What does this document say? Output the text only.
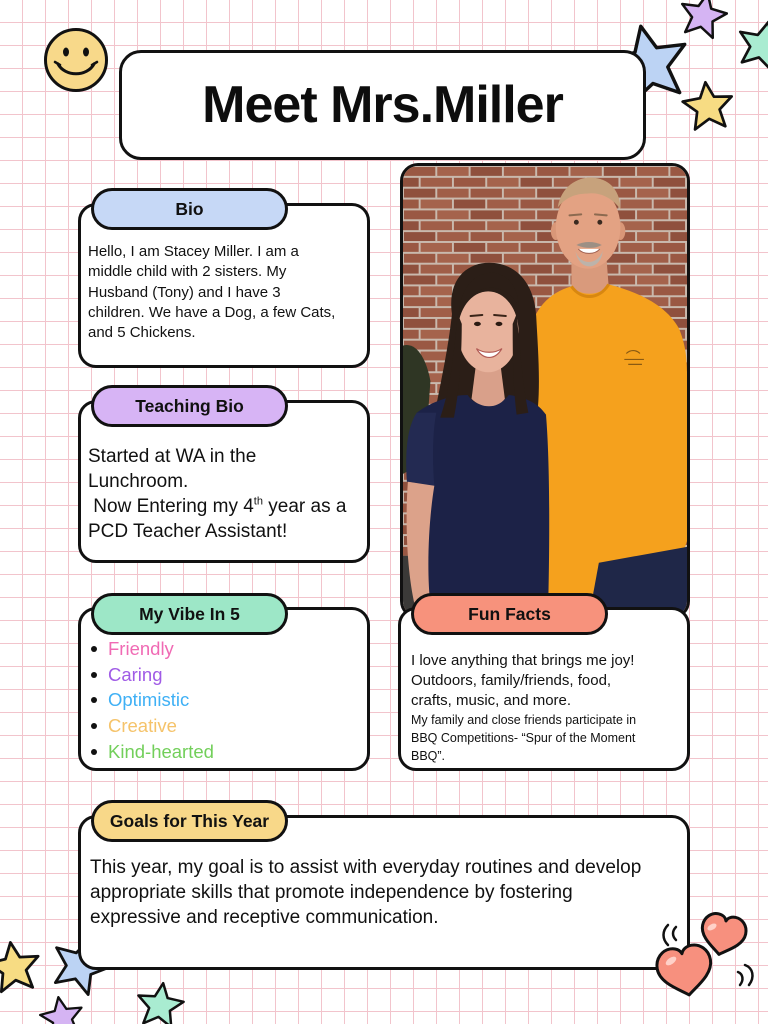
Meet Mrs.Miller
Bio
Hello, I am Stacey Miller. I am a
middle child with 2 sisters. My
Husband (Tony) and I have 3
children. We have a Dog, a few Cats,
and 5 Chickens.
Teaching Bio
Started at WA in the
Lunchroom.
Now Entering my 4th year as a
PCD Teacher Assistant!
My Vibe In 5
Friendly
Caring
Optimistic
Creative
Kind-hearted
Fun Facts
I love anything that brings me joy!
Outdoors, family/friends, food,
crafts, music, and more.
My family and close friends participate in
BBQ Competitions- “Spur of the Moment
BBQ”.
Goals for This Year
This year, my goal is to assist with everyday routines and develop
appropriate skills that promote independence by fostering
expressive and receptive communication.
